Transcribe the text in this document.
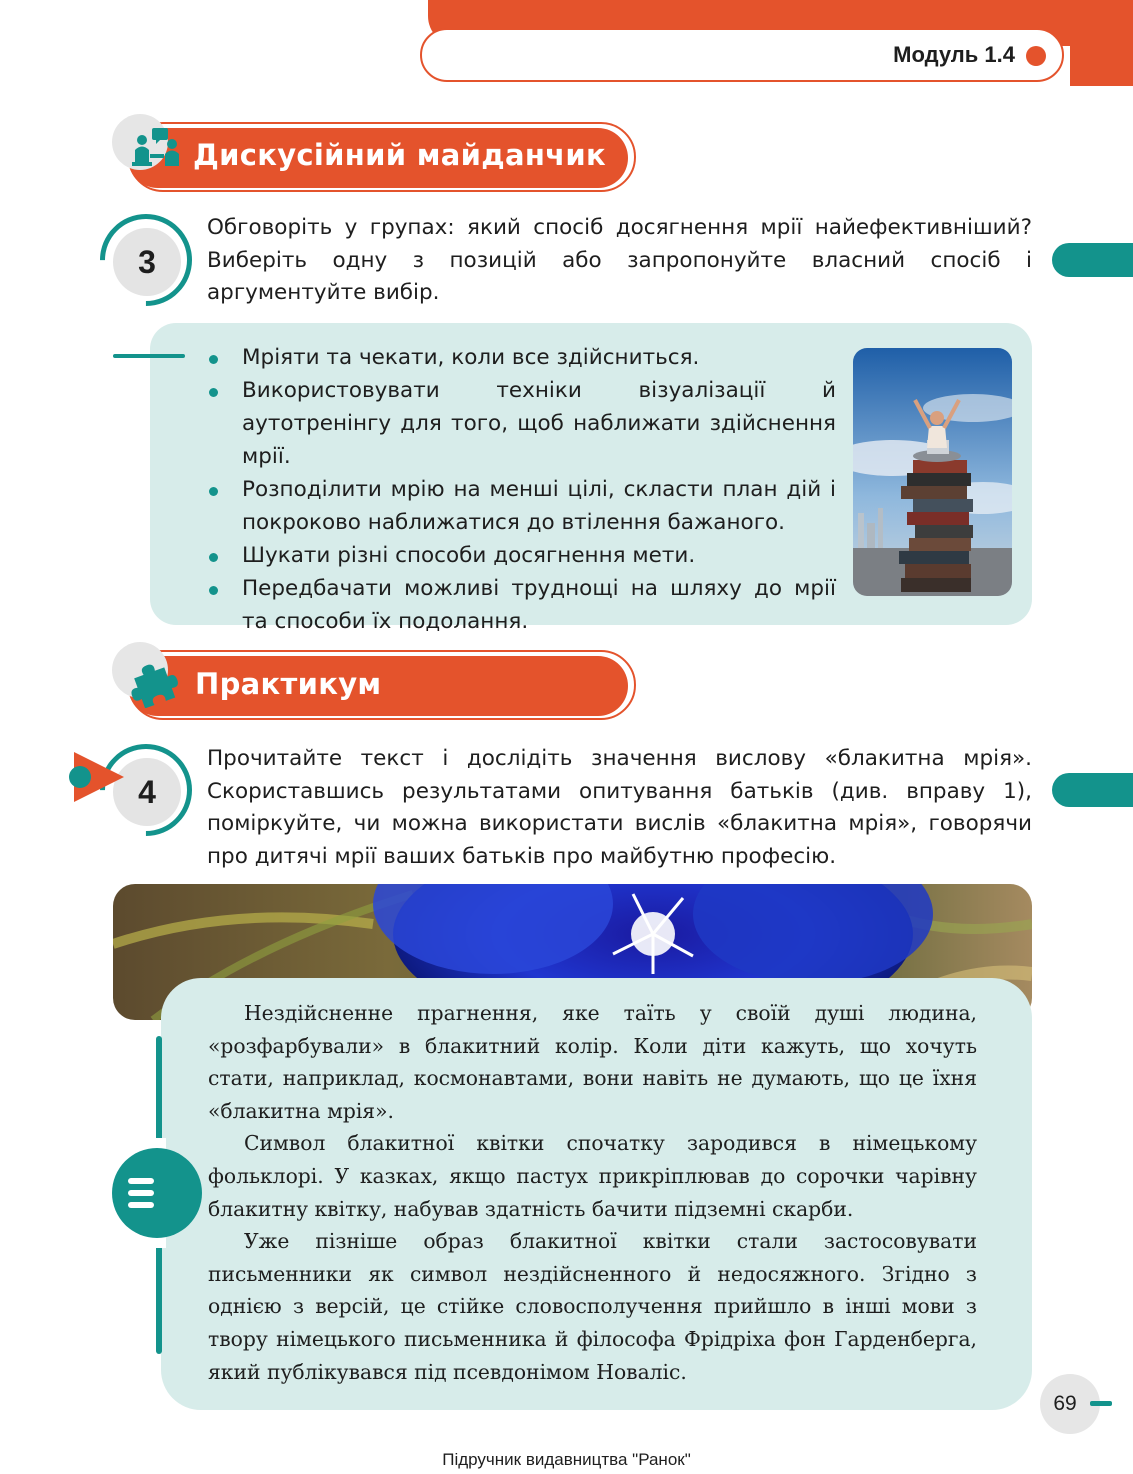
Модуль 1.4
Дискусійний майданчик
3
Обговоріть у групах: який спосіб досягнення мрії найефективніший? Виберіть одну з позицій або запропонуйте власний спосіб і аргументуйте вибір.
Мріяти та чекати, коли все здійсниться.
Використовувати техніки візуалізації й аутотренінгу для того, щоб наближати здійснення мрії.
Розподілити мрію на менші цілі, скласти план дій і покроково наближатися до втілення бажаного.
Шукати різні способи досягнення мети.
Передбачати можливі труднощі на шляху до мрії та способи їх подолання.
Практикум
4
Прочитайте текст і дослідіть значення вислову «блакитна мрія». Скориставшись результатами опитування батьків (див. вправу 1), поміркуйте, чи можна використати вислів «блакитна мрія», говорячи про дитячі мрії ваших батьків про майбутню професію.

Нездійсненне прагнення, яке таїть у своїй душі людина, «розфарбували» в блакитний колір. Коли діти кажуть, що хочуть стати, наприклад, космонавтами, вони навіть не думають, що це їхня «блакитна мрія».

Символ блакитної квітки спочатку зародився в німецькому фольклорі. У казках, якщо пастух прикріплював до сорочки чарівну блакитну квітку, набував здатність бачити підземні скарби.

Уже пізніше образ блакитної квітки стали застосовувати письменники як символ нездійсненного й недосяжного. Згідно з однією з версій, це стійке словосполучення прийшло в інші мови з твору німецького письменника й філософа Фрідріха фон Гарденберга, який публікувався під псевдонімом Новаліс.

69
Підручник видавництва "Ранок"
